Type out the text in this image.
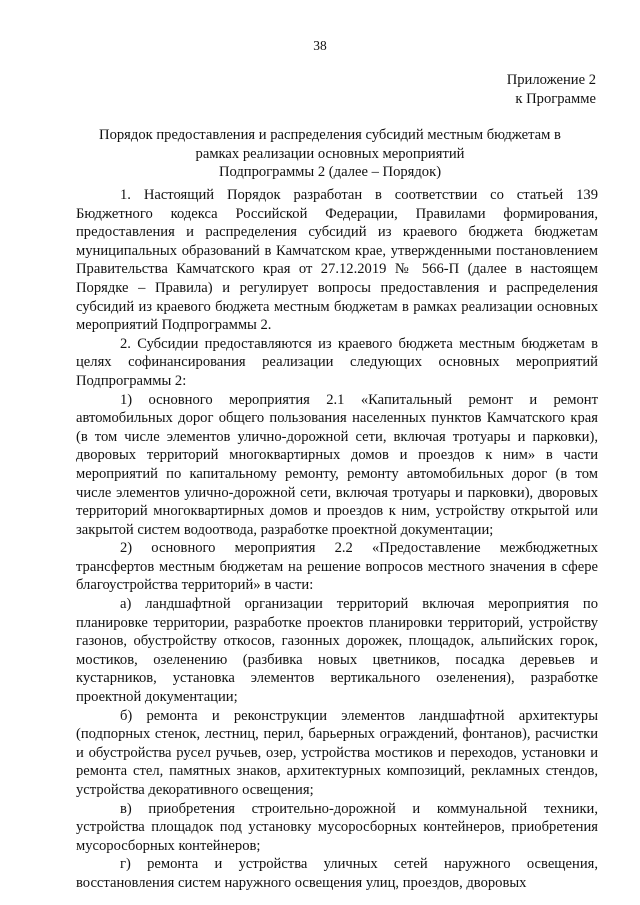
38
Приложение 2
к Программе
Порядок предоставления и распределения субсидий местным бюджетам в
рамках реализации основных мероприятий
Подпрограммы 2 (далее – Порядок)

1. Настоящий Порядок разработан в соответствии со статьей 139 Бюджетного кодекса Российской Федерации, Правилами формирования, предоставления и распределения субсидий из краевого бюджета бюджетам муниципальных образований в Камчатском крае, утвержденными постановлением Правительства Камчатского края от 27.12.2019 № 566-П (далее в настоящем Порядке – Правила) и регулирует вопросы предоставления и распределения субсидий из краевого бюджета местным бюджетам в рамках реализации основных мероприятий Подпрограммы 2.

2. Субсидии предоставляются из краевого бюджета местным бюджетам в целях софинансирования реализации следующих основных мероприятий Подпрограммы 2:

1) основного мероприятия 2.1 «Капитальный ремонт и ремонт автомобильных дорог общего пользования населенных пунктов Камчатского края (в том числе элементов улично-дорожной сети, включая тротуары и парковки), дворовых территорий многоквартирных домов и проездов к ним» в части мероприятий по капитальному ремонту, ремонту автомобильных дорог (в том числе элементов улично-дорожной сети, включая тротуары и парковки), дворовых территорий многоквартирных домов и проездов к ним, устройству открытой или закрытой систем водоотвода, разработке проектной документации;

2) основного мероприятия 2.2 «Предоставление межбюджетных трансфертов местным бюджетам на решение вопросов местного значения в сфере благоустройства территорий» в части:

а) ландшафтной организации территорий включая мероприятия по планировке территории, разработке проектов планировки территорий, устройству газонов, обустройству откосов, газонных дорожек, площадок, альпийских горок, мостиков, озеленению (разбивка новых цветников, посадка деревьев и кустарников, установка элементов вертикального озеленения), разработке проектной документации;

б) ремонта и реконструкции элементов ландшафтной архитектуры (подпорных стенок, лестниц, перил, барьерных ограждений, фонтанов), расчистки и обустройства русел ручьев, озер, устройства мостиков и переходов, установки и ремонта стел, памятных знаков, архитектурных композиций, рекламных стендов, устройства декоративного освещения;

в) приобретения строительно-дорожной и коммунальной техники, устройства площадок под установку мусоросборных контейнеров, приобретения мусоросборных контейнеров;

г) ремонта и устройства уличных сетей наружного освещения, восстановления систем наружного освещения улиц, проездов, дворовых
